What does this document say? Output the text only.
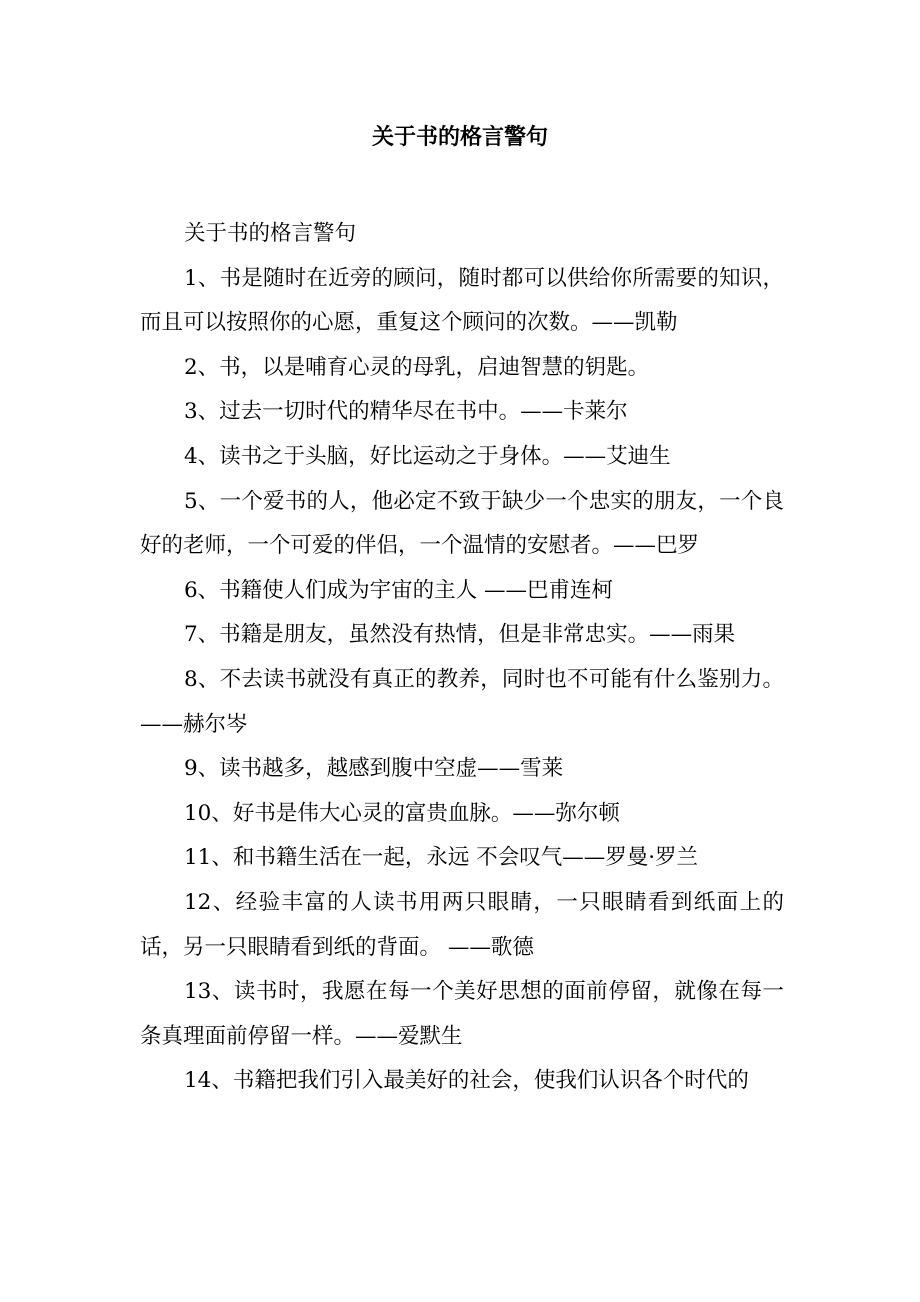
关于书的格言警句

关于书的格言警句

1、书是随时在近旁的顾问，随时都可以供给你所需要的知识，而且可以按照你的心愿，重复这个顾问的次数。——凯勒

2、书，以是哺育心灵的母乳，启迪智慧的钥匙。

3、过去一切时代的精华尽在书中。——卡莱尔

4、读书之于头脑，好比运动之于身体。——艾迪生

5、一个爱书的人，他必定不致于缺少一个忠实的朋友，一个良好的老师，一个可爱的伴侣，一个温情的安慰者。——巴罗

6、书籍使人们成为宇宙的主人 ——巴甫连柯

7、书籍是朋友，虽然没有热情，但是非常忠实。——雨果

8、不去读书就没有真正的教养，同时也不可能有什么鉴别力。——赫尔岑

9、读书越多，越感到腹中空虚——雪莱

10、好书是伟大心灵的富贵血脉。——弥尔顿

11、和书籍生活在一起，永远 不会叹气——罗曼·罗兰

12、经验丰富的人读书用两只眼睛，一只眼睛看到纸面上的话，另一只眼睛看到纸的背面。 ——歌德

13、读书时，我愿在每一个美好思想的面前停留，就像在每一条真理面前停留一样。——爱默生

14、书籍把我们引入最美好的社会，使我们认识各个时代的
